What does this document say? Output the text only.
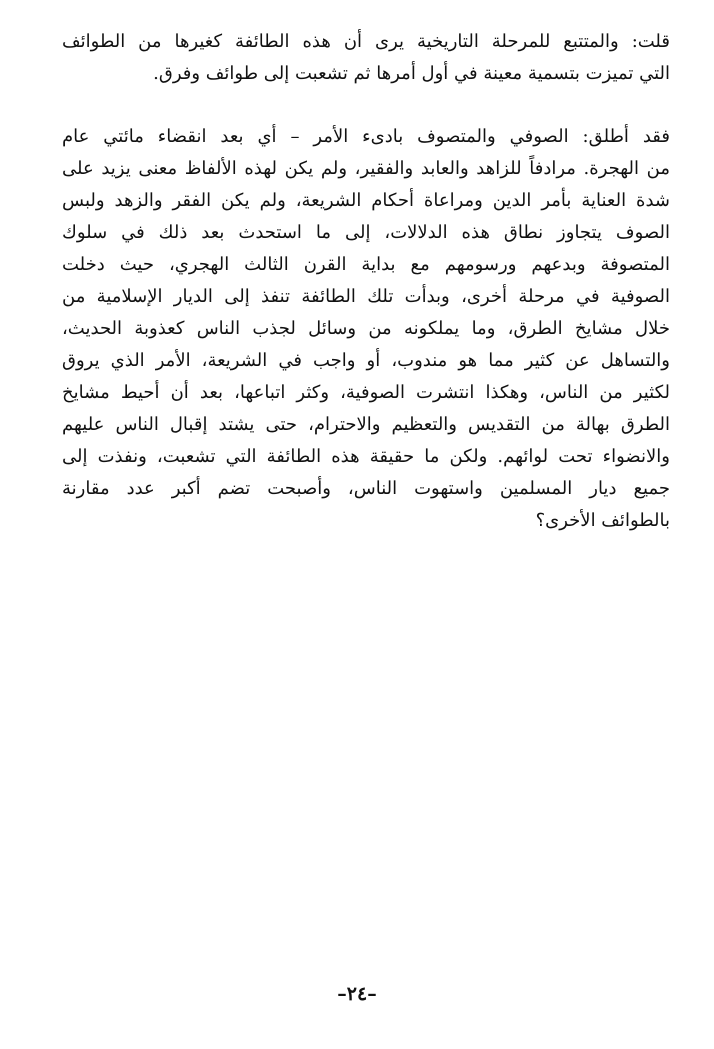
قلت: والمتتبع للمرحلة التاريخية يرى أن هذه الطائفة كغيرها من الطوائف
التي تميزت بتسمية معينة في أول أمرها ثم تشعبت إلى طوائف وفرق.
فقد أطلق: الصوفي والمتصوف بادىء الأمر – أي بعد انقضاء مائتي عام
من الهجرة. مرادفاً للزاهد والعابد والفقير، ولم يكن لهذه الألفاظ معنى يزيد على
شدة العناية بأمر الدين ومراعاة أحكام الشريعة، ولم يكن الفقر والزهد ولبس
الصوف يتجاوز نطاق هذه الدلالات، إلى ما استحدث بعد ذلك في سلوك
المتصوفة وبدعهم ورسومهم مع بداية القرن الثالث الهجري، حيث دخلت
الصوفية في مرحلة أخرى، وبدأت تلك الطائفة تنفذ إلى الديار الإسلامية من
خلال مشايخ الطرق، وما يملكونه من وسائل لجذب الناس كعذوبة الحديث،
والتساهل عن كثير مما هو مندوب، أو واجب في الشريعة، الأمر الذي يروق
لكثير من الناس، وهكذا انتشرت الصوفية، وكثر اتباعها، بعد أن أحيط مشايخ
الطرق بهالة من التقديس والتعظيم والاحترام، حتى يشتد إقبال الناس عليهم
والانضواء تحت لوائهم. ولكن ما حقيقة هذه الطائفة التي تشعبت، ونفذت إلى
جميع ديار المسلمين واستهوت الناس، وأصبحت تضم أكبر عدد مقارنة
بالطوائف الأخرى؟
–٢٤–
